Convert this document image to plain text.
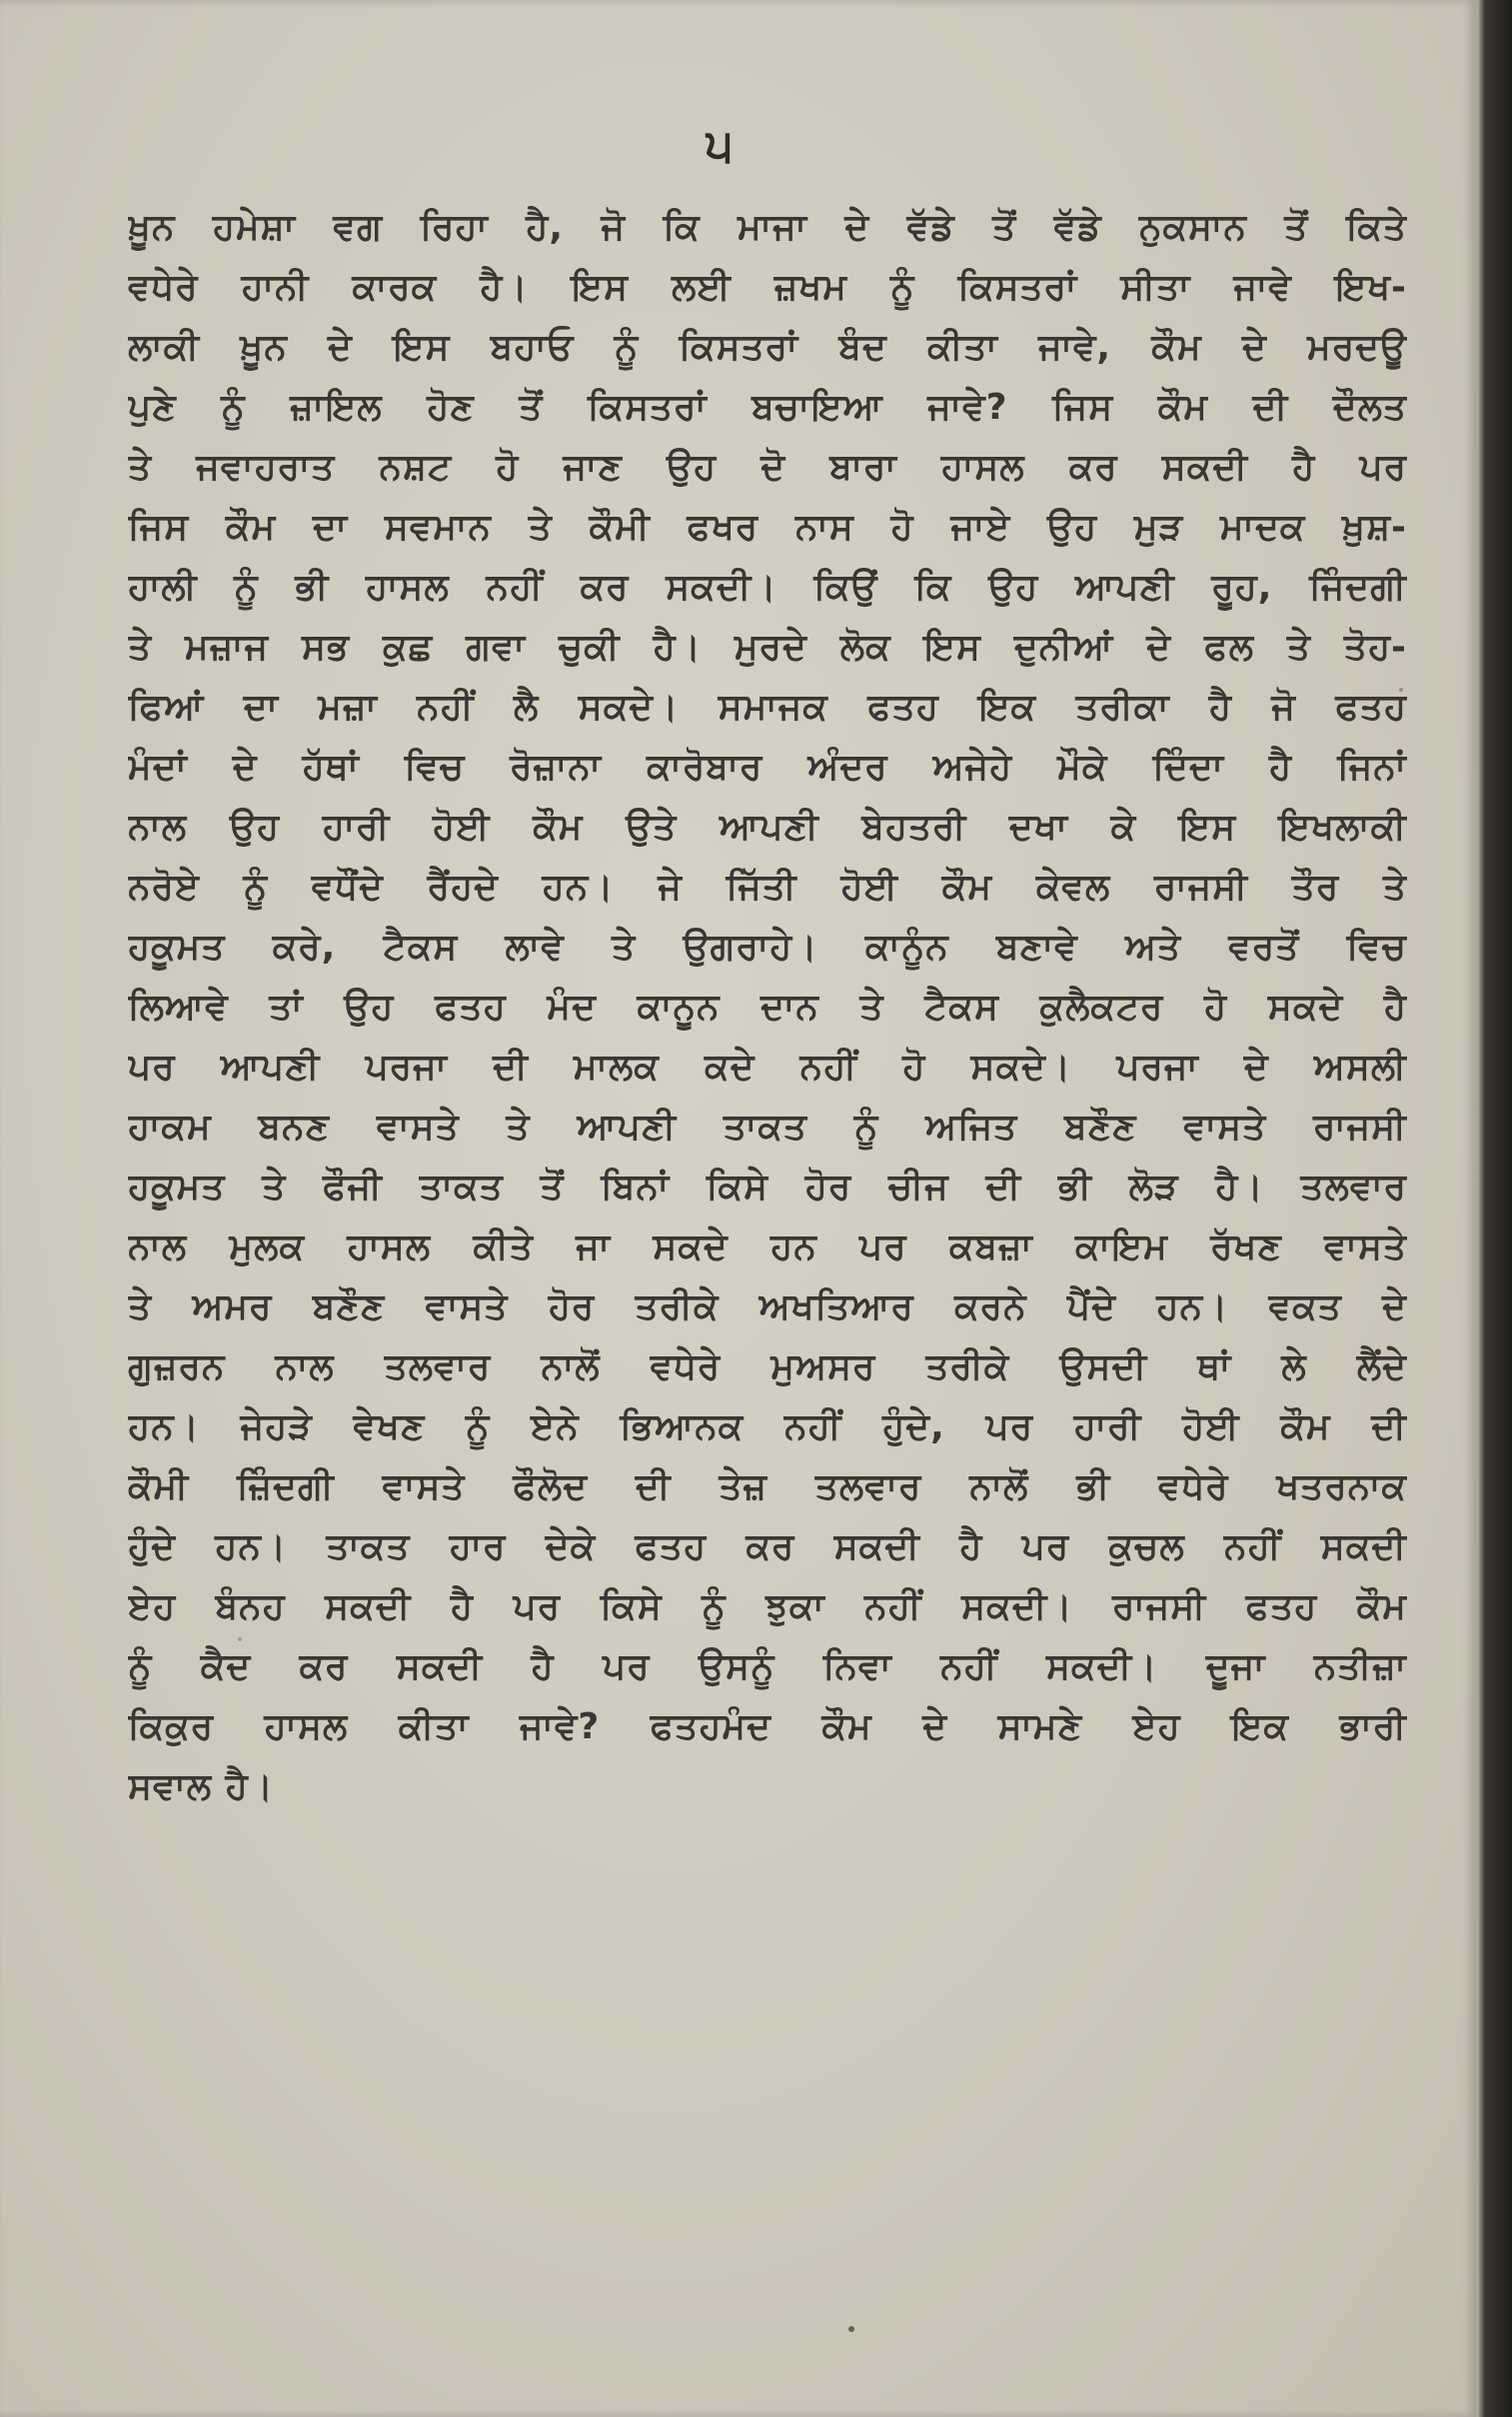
੫
ਖ਼ੂਨ ਹਮੇਸ਼ਾ ਵਗ ਰਿਹਾ ਹੈ, ਜੋ ਕਿ ਮਾਜਾ ਦੇ ਵੱਡੇ ਤੋਂ ਵੱਡੇ ਨੁਕਸਾਨ ਤੋਂ ਕਿਤੇ
ਵਧੇਰੇ ਹਾਨੀ ਕਾਰਕ ਹੈ। ਇਸ ਲਈ ਜ਼ਖਮ ਨੂੰ ਕਿਸਤਰਾਂ ਸੀਤਾ ਜਾਵੇ ਇਖ-
ਲਾਕੀ ਖ਼ੂਨ ਦੇ ਇਸ ਬਹਾਓ ਨੂੰ ਕਿਸਤਰਾਂ ਬੰਦ ਕੀਤਾ ਜਾਵੇ, ਕੌਮ ਦੇ ਮਰਦਊ
ਪੁਣੇ ਨੂੰ ਜ਼ਾਇਲ ਹੋਣ ਤੋਂ ਕਿਸਤਰਾਂ ਬਚਾਇਆ ਜਾਵੇ? ਜਿਸ ਕੌਮ ਦੀ ਦੌਲਤ
ਤੇ ਜਵਾਹਰਾਤ ਨਸ਼ਟ ਹੋ ਜਾਣ ਉਹ ਦੋ ਬਾਰਾ ਹਾਸਲ ਕਰ ਸਕਦੀ ਹੈ ਪਰ
ਜਿਸ ਕੌਮ ਦਾ ਸਵਮਾਨ ਤੇ ਕੌਮੀ ਫਖਰ ਨਾਸ ਹੋ ਜਾਏ ਉਹ ਮੁੜ ਮਾਦਕ ਖ਼ੁਸ਼-
ਹਾਲੀ ਨੂੰ ਭੀ ਹਾਸਲ ਨਹੀਂ ਕਰ ਸਕਦੀ। ਕਿਉਂ ਕਿ ਉਹ ਆਪਣੀ ਰੂਹ, ਜਿੰਦਗੀ
ਤੇ ਮਜ਼ਾਜ ਸਭ ਕੁਛ ਗਵਾ ਚੁਕੀ ਹੈ। ਮੁਰਦੇ ਲੋਕ ਇਸ ਦੁਨੀਆਂ ਦੇ ਫਲ ਤੇ ਤੋਹ-
ਫਿਆਂ ਦਾ ਮਜ਼ਾ ਨਹੀਂ ਲੈ ਸਕਦੇ। ਸਮਾਜਕ ਫਤਹ ਇਕ ਤਰੀਕਾ ਹੈ ਜੋ ਫਤਹ
ਮੰਦਾਂ ਦੇ ਹੱਥਾਂ ਵਿਚ ਰੋਜ਼ਾਨਾ ਕਾਰੋਬਾਰ ਅੰਦਰ ਅਜੇਹੇ ਮੌਕੇ ਦਿੰਦਾ ਹੈ ਜਿਨਾਂ
ਨਾਲ ਉਹ ਹਾਰੀ ਹੋਈ ਕੌਮ ਉਤੇ ਆਪਣੀ ਬੇਹਤਰੀ ਦਖਾ ਕੇ ਇਸ ਇਖਲਾਕੀ
ਨਰੋਏ ਨੂੰ ਵਧੌਂਦੇ ਰੈਂਹਦੇ ਹਨ। ਜੇ ਜਿੱਤੀ ਹੋਈ ਕੌਮ ਕੇਵਲ ਰਾਜਸੀ ਤੌਰ ਤੇ
ਹਕੂਮਤ ਕਰੇ, ਟੈਕਸ ਲਾਵੇ ਤੇ ਉਗਰਾਹੇ। ਕਾਨੂੰਨ ਬਣਾਵੇ ਅਤੇ ਵਰਤੋਂ ਵਿਚ
ਲਿਆਵੇ ਤਾਂ ਉਹ ਫਤਹ ਮੰਦ ਕਾਨੂਨ ਦਾਨ ਤੇ ਟੈਕਸ ਕੁਲੈਕਟਰ ਹੋ ਸਕਦੇ ਹੈ
ਪਰ ਆਪਣੀ ਪਰਜਾ ਦੀ ਮਾਲਕ ਕਦੇ ਨਹੀਂ ਹੋ ਸਕਦੇ। ਪਰਜਾ ਦੇ ਅਸਲੀ
ਹਾਕਮ ਬਨਣ ਵਾਸਤੇ ਤੇ ਆਪਣੀ ਤਾਕਤ ਨੂੰ ਅਜਿਤ ਬਣੌਣ ਵਾਸਤੇ ਰਾਜਸੀ
ਹਕੂਮਤ ਤੇ ਫੌਜੀ ਤਾਕਤ ਤੋਂ ਬਿਨਾਂ ਕਿਸੇ ਹੋਰ ਚੀਜ ਦੀ ਭੀ ਲੋੜ ਹੈ। ਤਲਵਾਰ
ਨਾਲ ਮੁਲਕ ਹਾਸਲ ਕੀਤੇ ਜਾ ਸਕਦੇ ਹਨ ਪਰ ਕਬਜ਼ਾ ਕਾਇਮ ਰੱਖਣ ਵਾਸਤੇ
ਤੇ ਅਮਰ ਬਣੌਣ ਵਾਸਤੇ ਹੋਰ ਤਰੀਕੇ ਅਖਤਿਆਰ ਕਰਨੇ ਪੈਂਦੇ ਹਨ। ਵਕਤ ਦੇ
ਗੁਜ਼ਰਨ ਨਾਲ ਤਲਵਾਰ ਨਾਲੋਂ ਵਧੇਰੇ ਮੁਅਸਰ ਤਰੀਕੇ ਉਸਦੀ ਥਾਂ ਲੇ ਲੈਂਦੇ
ਹਨ। ਜੇਹੜੇ ਵੇਖਣ ਨੂੰ ਏਨੇ ਭਿਆਨਕ ਨਹੀਂ ਹੁੰਦੇ, ਪਰ ਹਾਰੀ ਹੋਈ ਕੌਮ ਦੀ
ਕੌਮੀ ਜ਼ਿੰਦਗੀ ਵਾਸਤੇ ਫੌਲੋਦ ਦੀ ਤੇਜ਼ ਤਲਵਾਰ ਨਾਲੋਂ ਭੀ ਵਧੇਰੇ ਖਤਰਨਾਕ
ਹੁੰਦੇ ਹਨ। ਤਾਕਤ ਹਾਰ ਦੇਕੇ ਫਤਹ ਕਰ ਸਕਦੀ ਹੈ ਪਰ ਕੁਚਲ ਨਹੀਂ ਸਕਦੀ
ਏਹ ਬੰਨਹ ਸਕਦੀ ਹੈ ਪਰ ਕਿਸੇ ਨੂੰ ਝੁਕਾ ਨਹੀਂ ਸਕਦੀ। ਰਾਜਸੀ ਫਤਹ ਕੌਮ
ਨੂੰ ਕੈਦ ਕਰ ਸਕਦੀ ਹੈ ਪਰ ਉਸਨੂੰ ਨਿਵਾ ਨਹੀਂ ਸਕਦੀ। ਦੂਜਾ ਨਤੀਜ਼ਾ
ਕਿਕੁਰ ਹਾਸਲ ਕੀਤਾ ਜਾਵੇ? ਫਤਹਮੰਦ ਕੌਮ ਦੇ ਸਾਮਣੇ ਏਹ ਇਕ ਭਾਰੀ
ਸਵਾਲ ਹੈ।
